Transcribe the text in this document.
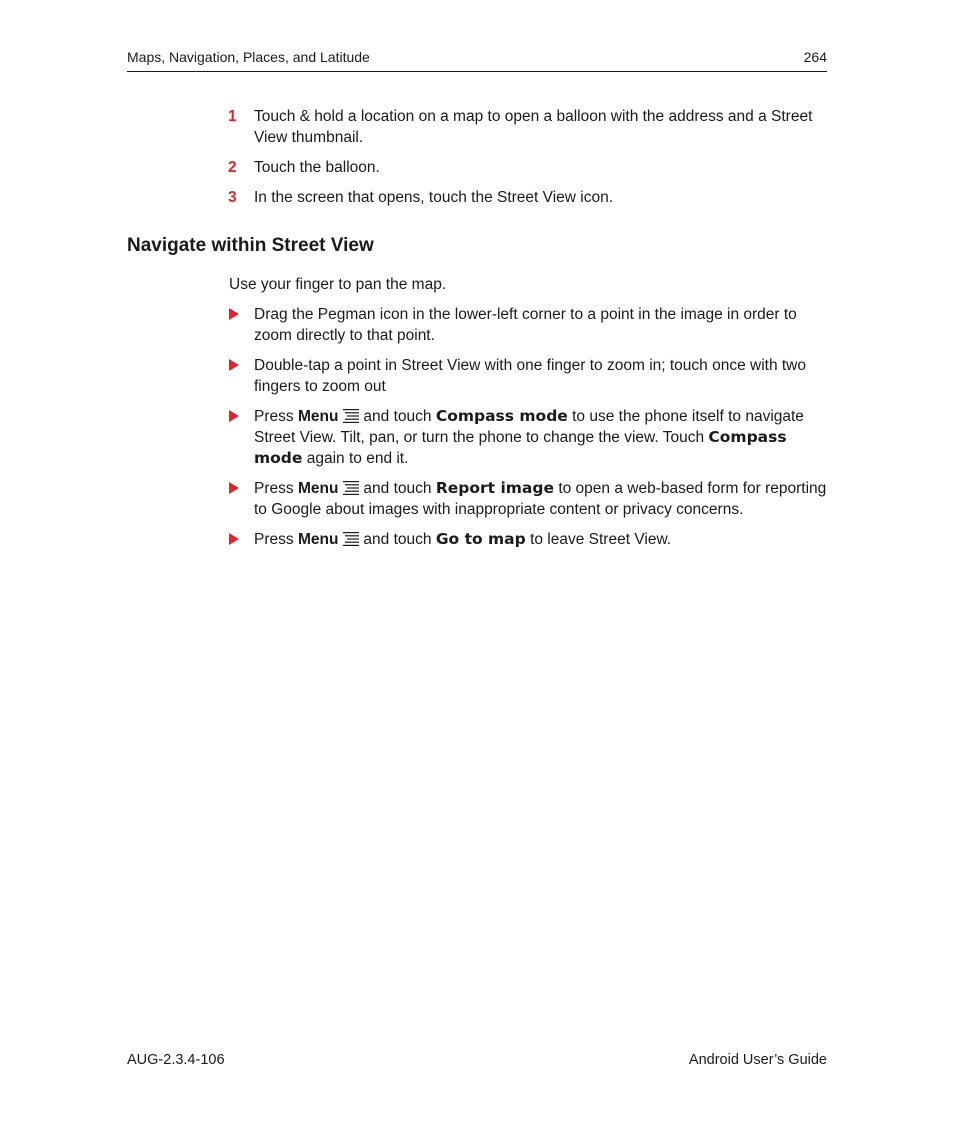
Maps, Navigation, Places, and Latitude	264
1 Touch & hold a location on a map to open a balloon with the address and a Street View thumbnail.
2 Touch the balloon.
3 In the screen that opens, touch the Street View icon.
Navigate within Street View
Use your finger to pan the map.
Drag the Pegman icon in the lower-left corner to a point in the image in order to zoom directly to that point.
Double-tap a point in Street View with one finger to zoom in; touch once with two fingers to zoom out
Press Menu and touch Compass mode to use the phone itself to navigate Street View. Tilt, pan, or turn the phone to change the view. Touch Compass mode again to end it.
Press Menu and touch Report image to open a web-based form for reporting to Google about images with inappropriate content or privacy concerns.
Press Menu and touch Go to map to leave Street View.
AUG-2.3.4-106	Android User’s Guide
